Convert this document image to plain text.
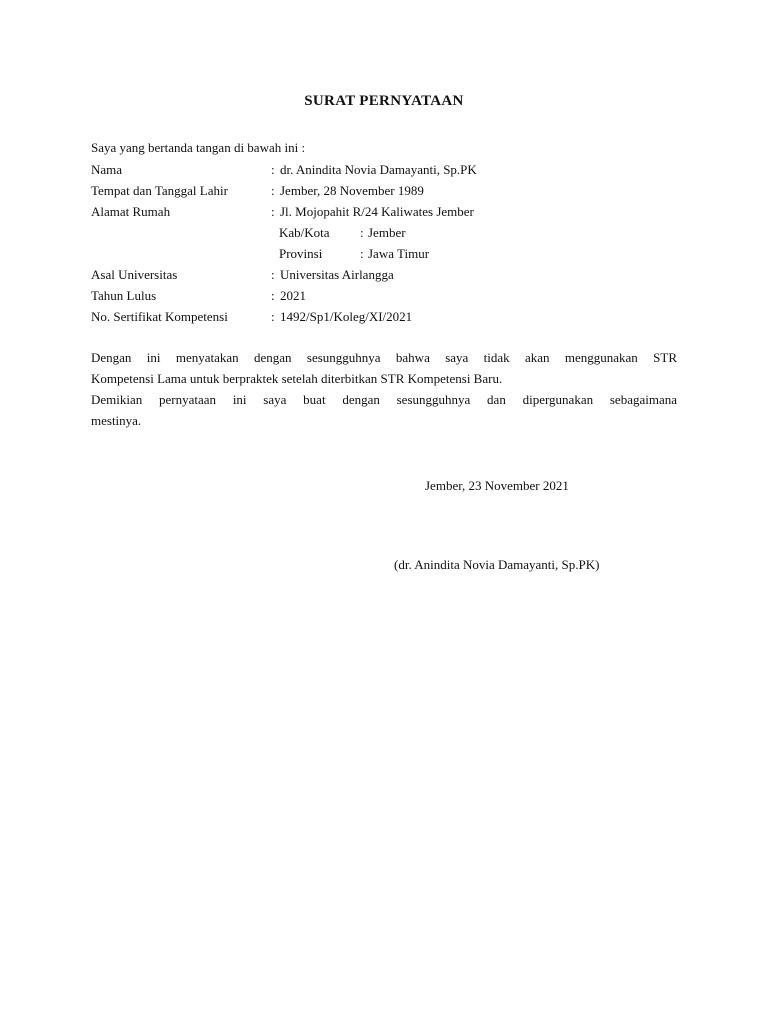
SURAT PERNYATAAN
Saya yang bertanda tangan di bawah ini :
Nama	: dr. Anindita Novia Damayanti, Sp.PK
Tempat dan Tanggal Lahir	: Jember, 28 November 1989
Alamat Rumah	: Jl. Mojopahit R/24 Kaliwates Jember
Kab/Kota : Jember
Provinsi	: Jawa Timur
Asal Universitas	: Universitas Airlangga
Tahun Lulus	: 2021
No. Sertifikat Kompetensi	: 1492/Sp1/Koleg/XI/2021
Dengan ini menyatakan dengan sesungguhnya bahwa saya tidak akan menggunakan STR
Kompetensi Lama untuk berpraktek setelah diterbitkan STR Kompetensi Baru.
Demikian pernyataan ini saya buat dengan sesungguhnya dan dipergunakan sebagaimana
mestinya.
Jember, 23 November 2021
(dr. Anindita Novia Damayanti, Sp.PK)
